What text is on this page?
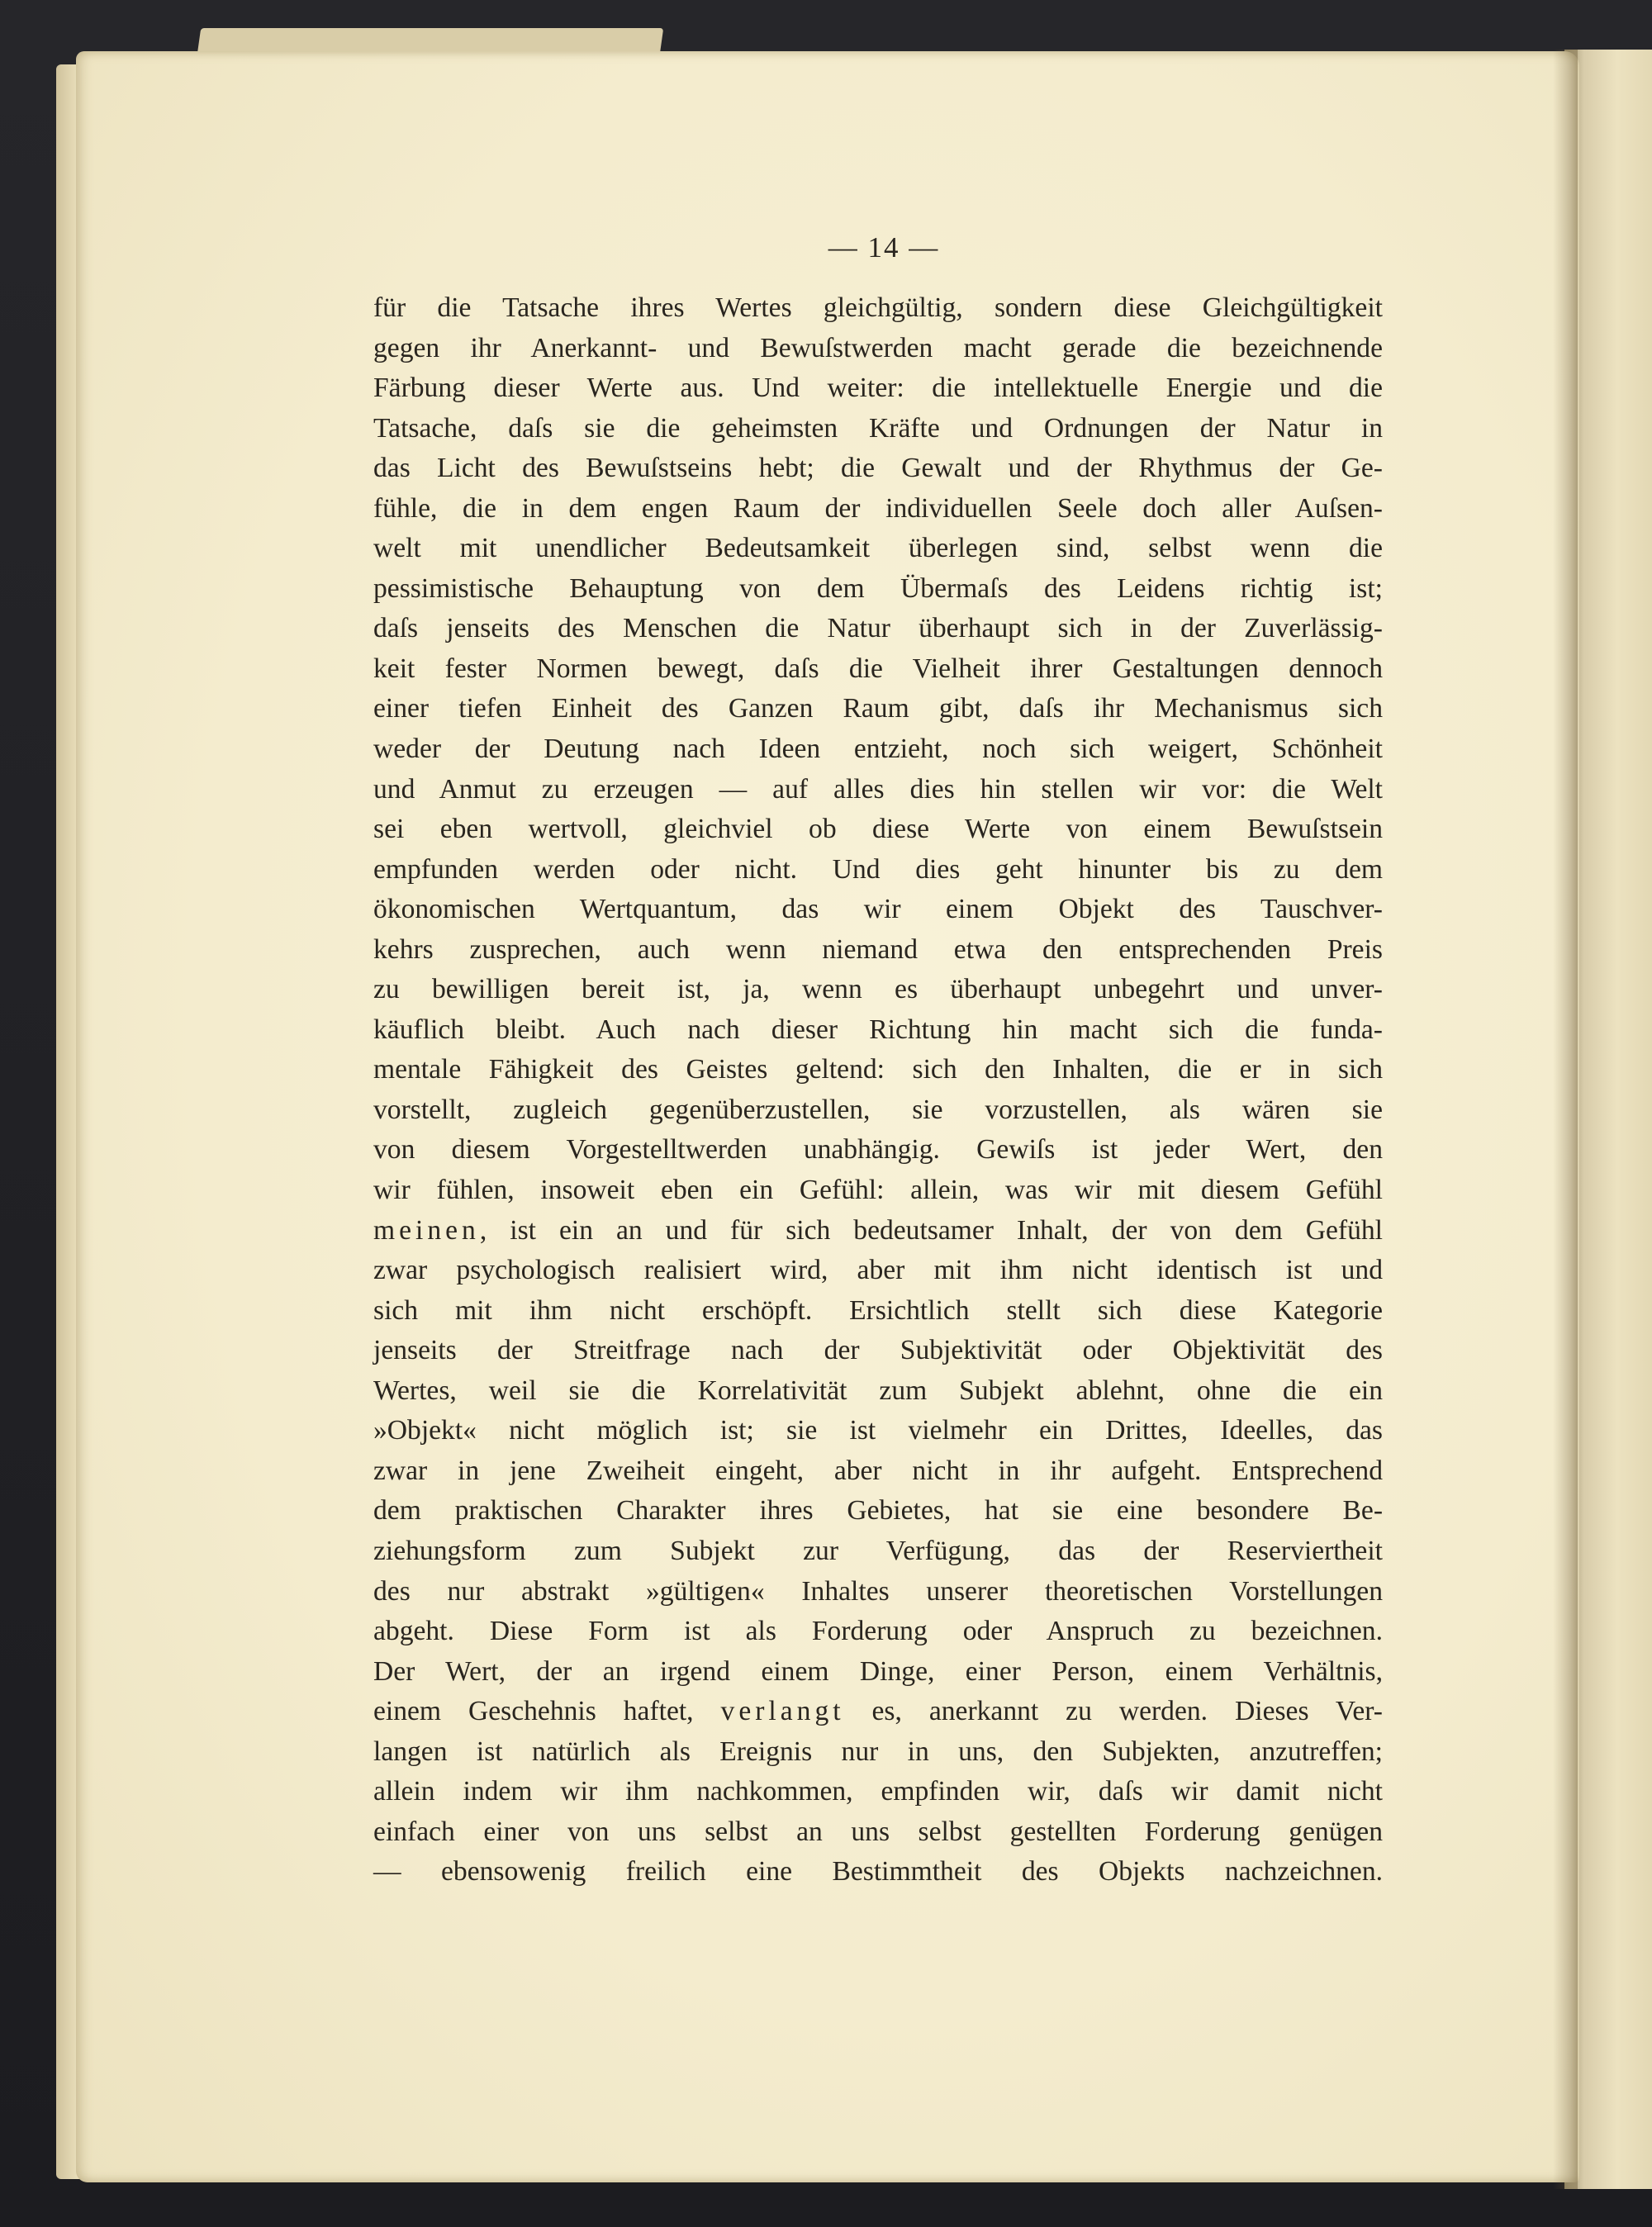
— 14 —
für die Tatsache ihres Wertes gleichgültig, sondern diese Gleichgültigkeit
gegen ihr Anerkannt- und Bewuſstwerden macht gerade die bezeichnende
Färbung dieser Werte aus. Und weiter: die intellektuelle Energie und die
Tatsache, daſs sie die geheimsten Kräfte und Ordnungen der Natur in
das Licht des Bewuſstseins hebt; die Gewalt und der Rhythmus der Ge-
fühle, die in dem engen Raum der individuellen Seele doch aller Auſsen-
welt mit unendlicher Bedeutsamkeit überlegen sind, selbst wenn die
pessimistische Behauptung von dem Übermaſs des Leidens richtig ist;
daſs jenseits des Menschen die Natur überhaupt sich in der Zuverlässig-
keit fester Normen bewegt, daſs die Vielheit ihrer Gestaltungen dennoch
einer tiefen Einheit des Ganzen Raum gibt, daſs ihr Mechanismus sich
weder der Deutung nach Ideen entzieht, noch sich weigert, Schönheit
und Anmut zu erzeugen — auf alles dies hin stellen wir vor: die Welt
sei eben wertvoll, gleichviel ob diese Werte von einem Bewuſstsein
empfunden werden oder nicht. Und dies geht hinunter bis zu dem
ökonomischen Wertquantum, das wir einem Objekt des Tauschver-
kehrs zusprechen, auch wenn niemand etwa den entsprechenden Preis
zu bewilligen bereit ist, ja, wenn es überhaupt unbegehrt und unver-
käuflich bleibt. Auch nach dieser Richtung hin macht sich die funda-
mentale Fähigkeit des Geistes geltend: sich den Inhalten, die er in sich
vorstellt, zugleich gegenüberzustellen, sie vorzustellen, als wären sie
von diesem Vorgestelltwerden unabhängig. Gewiſs ist jeder Wert, den
wir fühlen, insoweit eben ein Gefühl: allein, was wir mit diesem Gefühl
meinen, ist ein an und für sich bedeutsamer Inhalt, der von dem Gefühl
zwar psychologisch realisiert wird, aber mit ihm nicht identisch ist und
sich mit ihm nicht erschöpft. Ersichtlich stellt sich diese Kategorie
jenseits der Streitfrage nach der Subjektivität oder Objektivität des
Wertes, weil sie die Korrelativität zum Subjekt ablehnt, ohne die ein
»Objekt« nicht möglich ist; sie ist vielmehr ein Drittes, Ideelles, das
zwar in jene Zweiheit eingeht, aber nicht in ihr aufgeht. Entsprechend
dem praktischen Charakter ihres Gebietes, hat sie eine besondere Be-
ziehungsform zum Subjekt zur Verfügung, das der Reserviertheit
des nur abstrakt »gültigen« Inhaltes unserer theoretischen Vorstellungen
abgeht. Diese Form ist als Forderung oder Anspruch zu bezeichnen.
Der Wert, der an irgend einem Dinge, einer Person, einem Verhältnis,
einem Geschehnis haftet, verlangt es, anerkannt zu werden. Dieses Ver-
langen ist natürlich als Ereignis nur in uns, den Subjekten, anzutreffen;
allein indem wir ihm nachkommen, empfinden wir, daſs wir damit nicht
einfach einer von uns selbst an uns selbst gestellten Forderung genügen
— ebensowenig freilich eine Bestimmtheit des Objekts nachzeichnen.
